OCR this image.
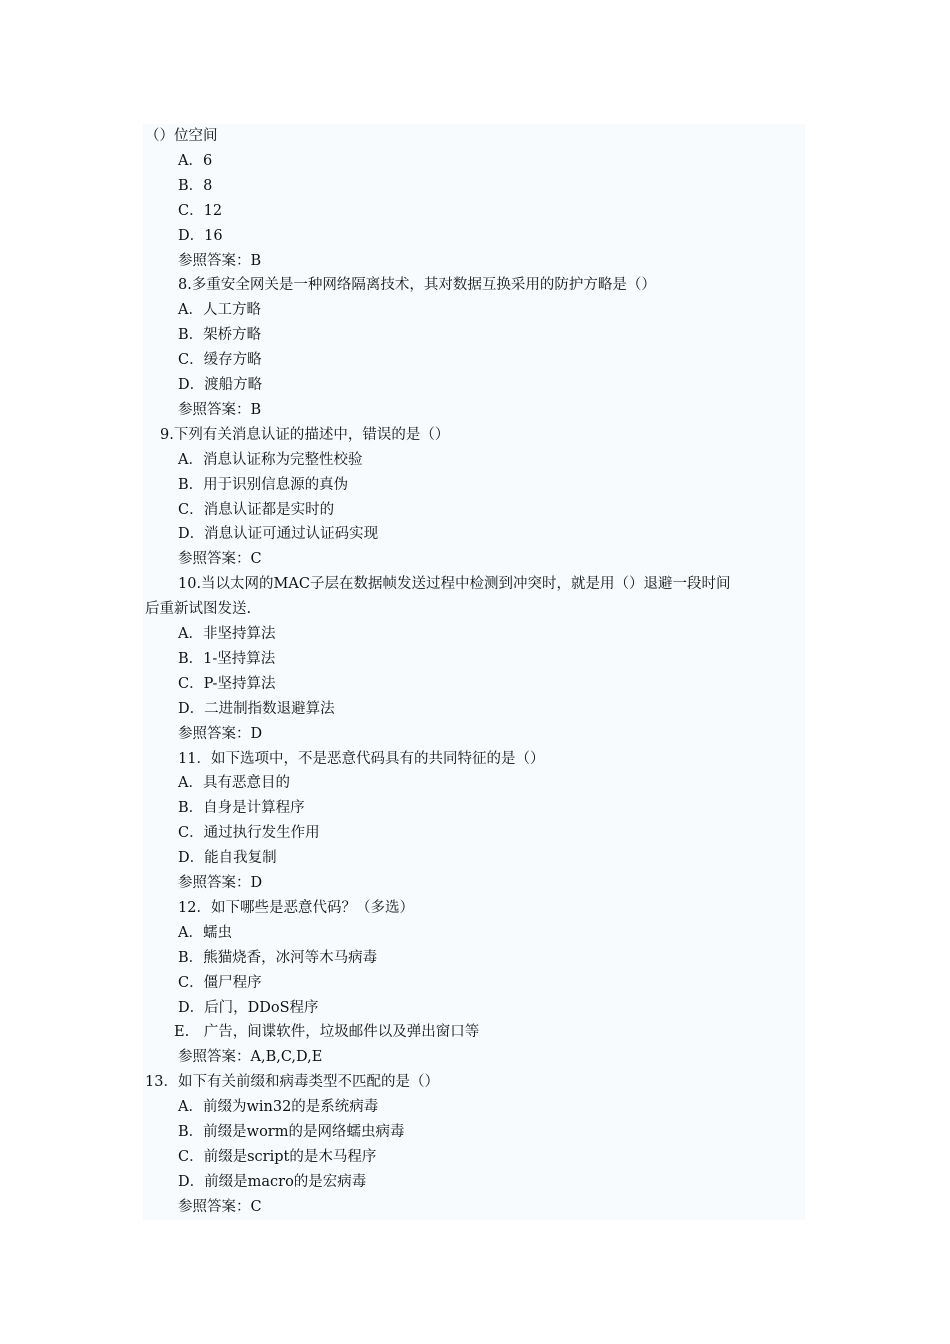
（）位空间
A．6
B．8
C．12
D．16
参照答案：B
8.多重安全网关是一种网络隔离技术，其对数据互换采用的防护方略是（）
A．人工方略
B．架桥方略
C．缓存方略
D．渡船方略
参照答案：B
9.下列有关消息认证的描述中，错误的是（）
A．消息认证称为完整性校验
B．用于识别信息源的真伪
C．消息认证都是实时的
D．消息认证可通过认证码实现
参照答案：C
10.当以太网的MAC子层在数据帧发送过程中检测到冲突时，就是用（）退避一段时间
后重新试图发送.
A．非坚持算法
B．1-坚持算法
C．P-坚持算法
D．二进制指数退避算法
参照答案：D
11．如下选项中，不是恶意代码具有的共同特征的是（）
A．具有恶意目的
B．自身是计算程序
C．通过执行发生作用
D．能自我复制
参照答案：D
12．如下哪些是恶意代码？（多选）
A．蠕虫
B．熊猫烧香，冰河等木马病毒
C．僵尸程序
D．后门，DDoS程序
E.　广告，间谍软件，垃圾邮件以及弹出窗口等
参照答案：A,B,C,D,E
13．如下有关前缀和病毒类型不匹配的是（）
A．前缀为win32的是系统病毒
B．前缀是worm的是网络蠕虫病毒
C．前缀是script的是木马程序
D．前缀是macro的是宏病毒
参照答案：C
